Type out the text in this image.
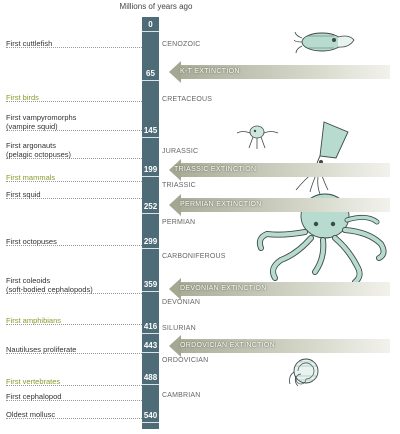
Millions of years ago
0
65
145
199
252
299
359
416
443
488
540
First cuttlefish
First birds
First vampyromorphs
(vampire squid)
First argonauts
(pelagic octopuses)
First mammals
First squid
First octopuses
First coleoids
(soft-bodied cephalopods)
First amphibians
Nautiluses proliferate
First vertebrates
First cephalopod
Oldest mollusc
CENOZOIC
CRETACEOUS
JURASSIC
TRIASSIC
PERMIAN
CARBONIFEROUS
DEVONIAN
SILURIAN
ORDOVICIAN
CAMBRIAN
K-T EXTINCTION
TRIASSIC EXTINCTION
PERMIAN EXTINCTION
DEVONIAN EXTINCTION
ORDOVICIAN EXTINCTION
